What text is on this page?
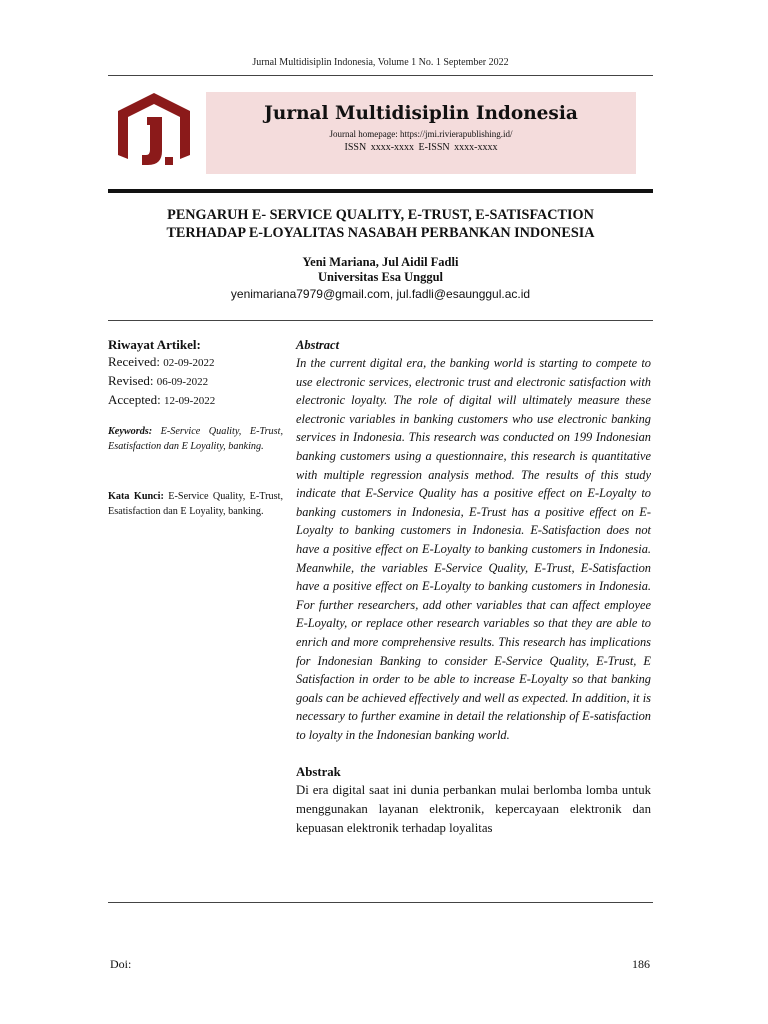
Jurnal Multidisiplin Indonesia, Volume 1 No. 1 September 2022
Jurnal Multidisiplin Indonesia
Journal homepage: https://jmi.rivierapublishing.id/
ISSN xxxx-xxxx E-ISSN xxxx-xxxx
PENGARUH E- SERVICE QUALITY, E-TRUST, E-SATISFACTION
TERHADAP E-LOYALITAS NASABAH PERBANKAN INDONESIA
Yeni Mariana, Jul Aidil Fadli
Universitas Esa Unggul
yenimariana7979@gmail.com, jul.fadli@esaunggul.ac.id
Riwayat Artikel:
Received: 02-09-2022
Revised: 06-09-2022
Accepted: 12-09-2022
Keywords: E-Service Quality, E-Trust, Esatisfaction dan E Loyality, banking.
Kata Kunci: E-Service Quality, E-Trust, Esatisfaction dan E Loyality, banking.
Abstract
In the current digital era, the banking world is starting to compete to use electronic services, electronic trust and electronic satisfaction with electronic loyalty. The role of digital will ultimately measure these electronic variables in banking customers who use electronic banking services in Indonesia. This research was conducted on 199 Indonesian banking customers using a questionnaire, this research is quantitative with multiple regression analysis method. The results of this study indicate that E-Service Quality has a positive effect on E-Loyalty to banking customers in Indonesia, E-Trust has a positive effect on E-Loyalty to banking customers in Indonesia. E-Satisfaction does not have a positive effect on E-Loyalty to banking customers in Indonesia. Meanwhile, the variables E-Service Quality, E-Trust, E-Satisfaction have a positive effect on E-Loyalty to banking customers in Indonesia. For further researchers, add other variables that can affect employee E-Loyalty, or replace other research variables so that they are able to enrich and more comprehensive results. This research has implications for Indonesian Banking to consider E-Service Quality, E-Trust, E Satisfaction in order to be able to increase E-Loyalty so that banking goals can be achieved effectively and well as expected. In addition, it is necessary to further examine in detail the relationship of E-satisfaction to loyalty in the Indonesian banking world.
Abstrak
Di era digital saat ini dunia perbankan mulai berlomba lomba untuk menggunakan layanan elektronik, kepercayaan elektronik dan kepuasan elektronik terhadap loyalitas
Doi:	186
